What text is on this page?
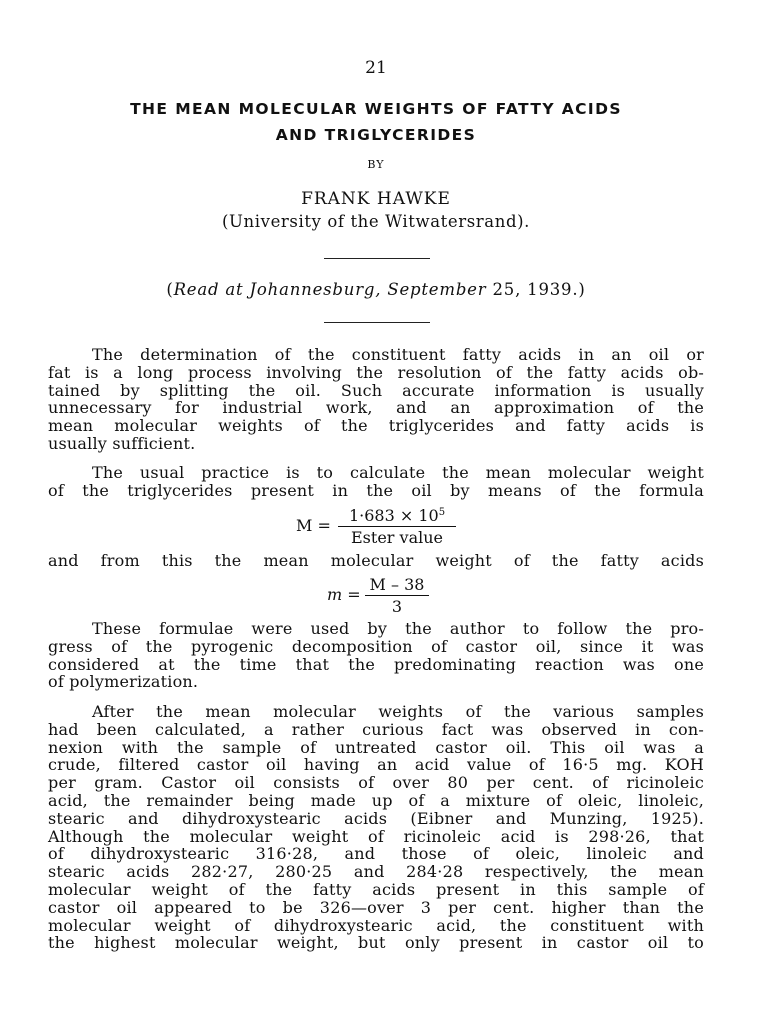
21
THE MEAN MOLECULAR WEIGHTS OF FATTY ACIDS
AND TRIGLYCERIDES
BY
FRANK HAWKE
(University of the Witwatersrand).
(Read at Johannesburg, September 25, 1939.)
The determination of the constituent fatty acids in an oil or
fat is a long process involving the resolution of the fatty acids ob-
tained by splitting the oil. Such accurate information is usually
unnecessary for industrial work, and an approximation of the
mean molecular weights of the triglycerides and fatty acids is
usually sufficient.
The usual practice is to calculate the mean molecular weight
of the triglycerides present in the oil by means of the formula
M =
$1\cdot 683 \times 10^5$
Ester value
and from this the mean molecular weight of the fatty acids
$m = \frac{M - 38}{3}$
These formulae were used by the author to follow the pro-
gress of the pyrogenic decomposition of castor oil, since it was
considered at the time that the predominating reaction was one
of polymerization.
After the mean molecular weights of the various samples
had been calculated, a rather curious fact was observed in con-
nexion with the sample of untreated castor oil. This oil was a
crude, filtered castor oil having an acid value of 16·5 mg. KOH
per gram. Castor oil consists of over 80 per cent. of ricinoleic
acid, the remainder being made up of a mixture of oleic, linoleic,
stearic and dihydroxystearic acids (Eibner and Munzing, 1925).
Although the molecular weight of ricinoleic acid is 298·26, that
of dihydroxystearic 316·28, and those of oleic, linoleic and
stearic acids 282·27, 280·25 and 284·28 respectively, the mean
molecular weight of the fatty acids present in this sample of
castor oil appeared to be 326—over 3 per cent. higher than the
molecular weight of dihydroxystearic acid, the constituent with
the highest molecular weight, but only present in castor oil to
